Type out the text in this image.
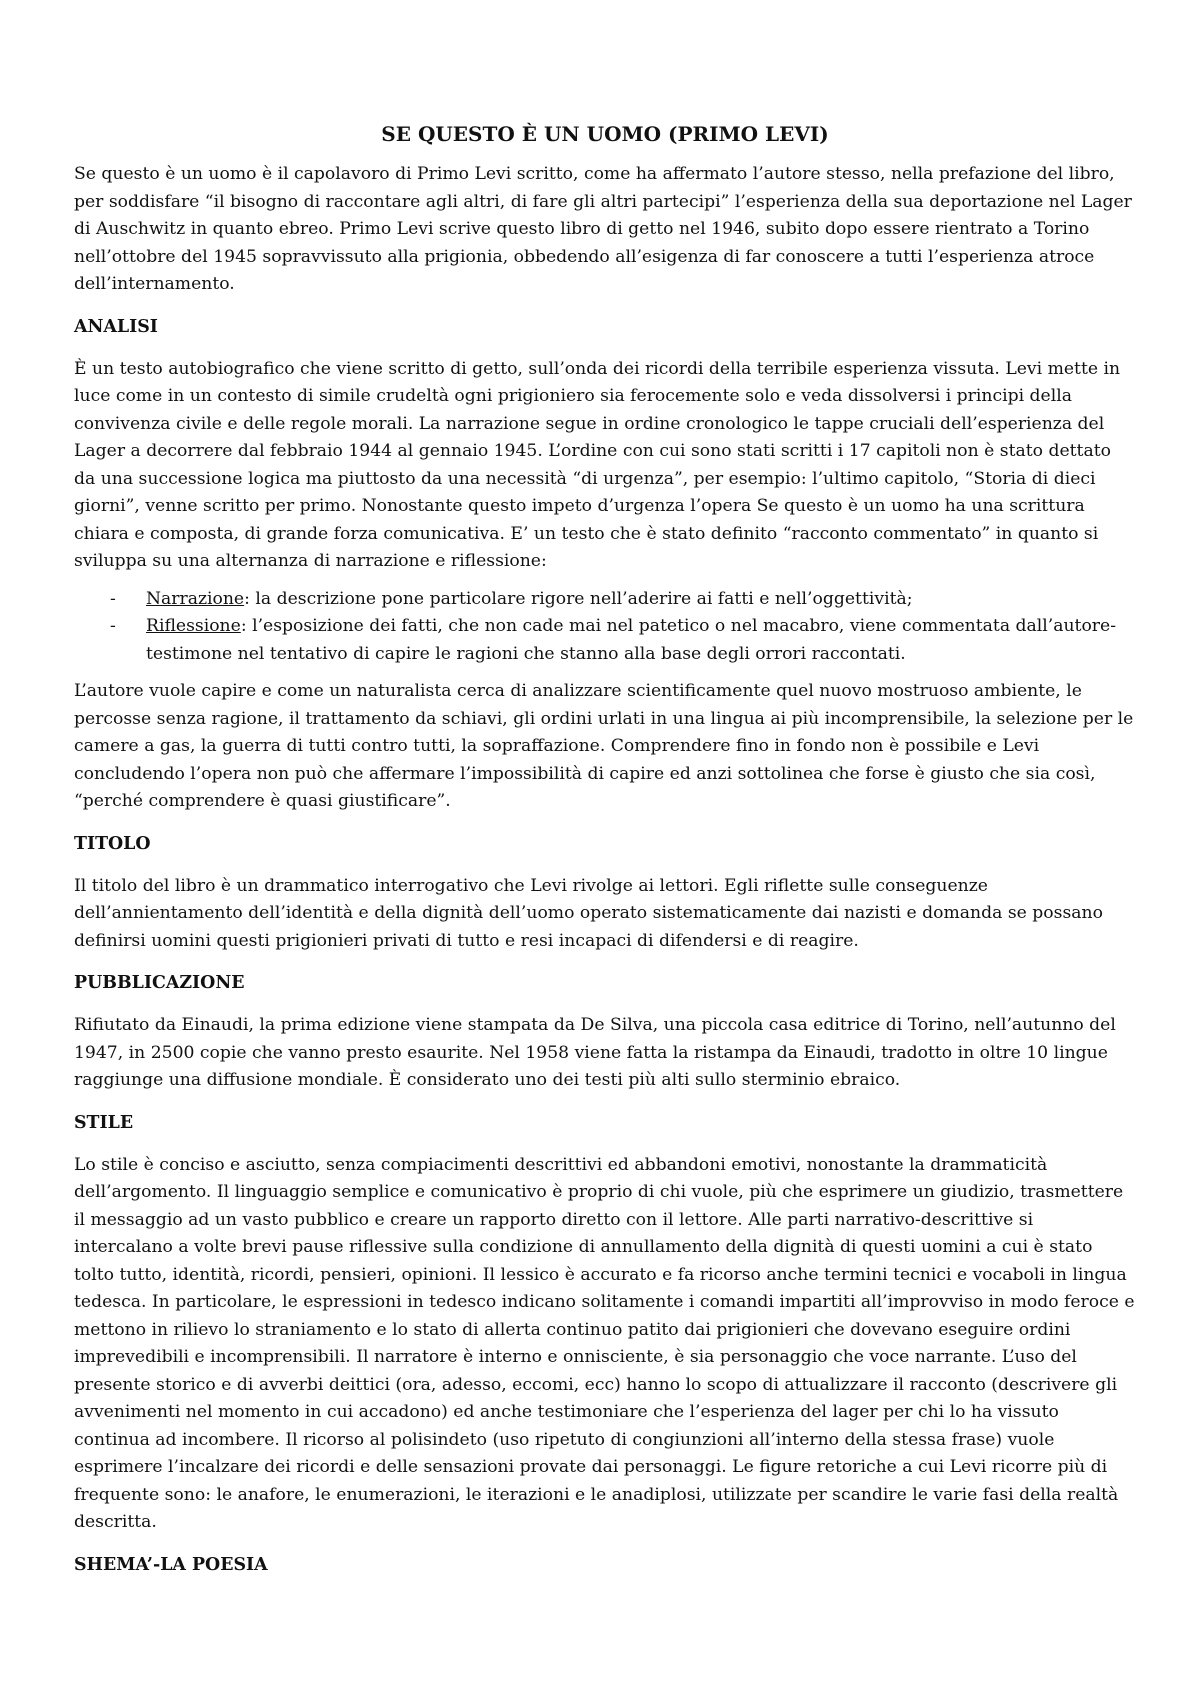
SE QUESTO È UN UOMO (PRIMO LEVI)

Se questo è un uomo è il capolavoro di Primo Levi scritto, come ha affermato l’autore stesso, nella prefazione del libro, per soddisfare “il bisogno di raccontare agli altri, di fare gli altri partecipi” l’esperienza della sua deportazione nel Lager di Auschwitz in quanto ebreo. Primo Levi scrive questo libro di getto nel 1946, subito dopo essere rientrato a Torino nell’ottobre del 1945 sopravvissuto alla prigionia, obbedendo all’esigenza di far conoscere a tutti l’esperienza atroce dell’internamento.

ANALISI

È un testo autobiografico che viene scritto di getto, sull’onda dei ricordi della terribile esperienza vissuta. Levi mette in luce come in un contesto di simile crudeltà ogni prigioniero sia ferocemente solo e veda dissolversi i principi della convivenza civile e delle regole morali. La narrazione segue in ordine cronologico le tappe cruciali dell’esperienza del Lager a decorrere dal febbraio 1944 al gennaio 1945. L’ordine con cui sono stati scritti i 17 capitoli non è stato dettato da una successione logica ma piuttosto da una necessità “di urgenza”, per esempio: l’ultimo capitolo, “Storia di dieci giorni”, venne scritto per primo. Nonostante questo impeto d’urgenza l’opera Se questo è un uomo ha una scrittura chiara e composta, di grande forza comunicativa. E’ un testo che è stato definito “racconto commentato” in quanto si sviluppa su una alternanza di narrazione e riflessione:

- Narrazione: la descrizione pone particolare rigore nell’aderire ai fatti e nell’oggettività;
- Riflessione: l’esposizione dei fatti, che non cade mai nel patetico o nel macabro, viene commentata dall’autore-testimone nel tentativo di capire le ragioni che stanno alla base degli orrori raccontati.

L’autore vuole capire e come un naturalista cerca di analizzare scientificamente quel nuovo mostruoso ambiente, le percosse senza ragione, il trattamento da schiavi, gli ordini urlati in una lingua ai più incomprensibile, la selezione per le camere a gas, la guerra di tutti contro tutti, la sopraffazione. Comprendere fino in fondo non è possibile e Levi concludendo l’opera non può che affermare l’impossibilità di capire ed anzi sottolinea che forse è giusto che sia così, “perché comprendere è quasi giustificare”.

TITOLO

Il titolo del libro è un drammatico interrogativo che Levi rivolge ai lettori. Egli riflette sulle conseguenze dell’annientamento dell’identità e della dignità dell’uomo operato sistematicamente dai nazisti e domanda se possano definirsi uomini questi prigionieri privati di tutto e resi incapaci di difendersi e di reagire.

PUBBLICAZIONE

Rifiutato da Einaudi, la prima edizione viene stampata da De Silva, una piccola casa editrice di Torino, nell’autunno del 1947, in 2500 copie che vanno presto esaurite. Nel 1958 viene fatta la ristampa da Einaudi, tradotto in oltre 10 lingue raggiunge una diffusione mondiale. È considerato uno dei testi più alti sullo sterminio ebraico.

STILE

Lo stile è conciso e asciutto, senza compiacimenti descrittivi ed abbandoni emotivi, nonostante la drammaticità dell’argomento. Il linguaggio semplice e comunicativo è proprio di chi vuole, più che esprimere un giudizio, trasmettere il messaggio ad un vasto pubblico e creare un rapporto diretto con il lettore. Alle parti narrativo-descrittive si intercalano a volte brevi pause riflessive sulla condizione di annullamento della dignità di questi uomini a cui è stato tolto tutto, identità, ricordi, pensieri, opinioni. Il lessico è accurato e fa ricorso anche termini tecnici e vocaboli in lingua tedesca. In particolare, le espressioni in tedesco indicano solitamente i comandi impartiti all’improvviso in modo feroce e mettono in rilievo lo straniamento e lo stato di allerta continuo patito dai prigionieri che dovevano eseguire ordini imprevedibili e incomprensibili. Il narratore è interno e onnisciente, è sia personaggio che voce narrante. L’uso del presente storico e di avverbi deittici (ora, adesso, eccomi, ecc) hanno lo scopo di attualizzare il racconto (descrivere gli avvenimenti nel momento in cui accadono) ed anche testimoniare che l’esperienza del lager per chi lo ha vissuto continua ad incombere. Il ricorso al polisindeto (uso ripetuto di congiunzioni all’interno della stessa frase) vuole esprimere l’incalzare dei ricordi e delle sensazioni provate dai personaggi. Le figure retoriche a cui Levi ricorre più di frequente sono: le anafore, le enumerazioni, le iterazioni e le anadiplosi, utilizzate per scandire le varie fasi della realtà descritta.

SHEMA’-LA POESIA
